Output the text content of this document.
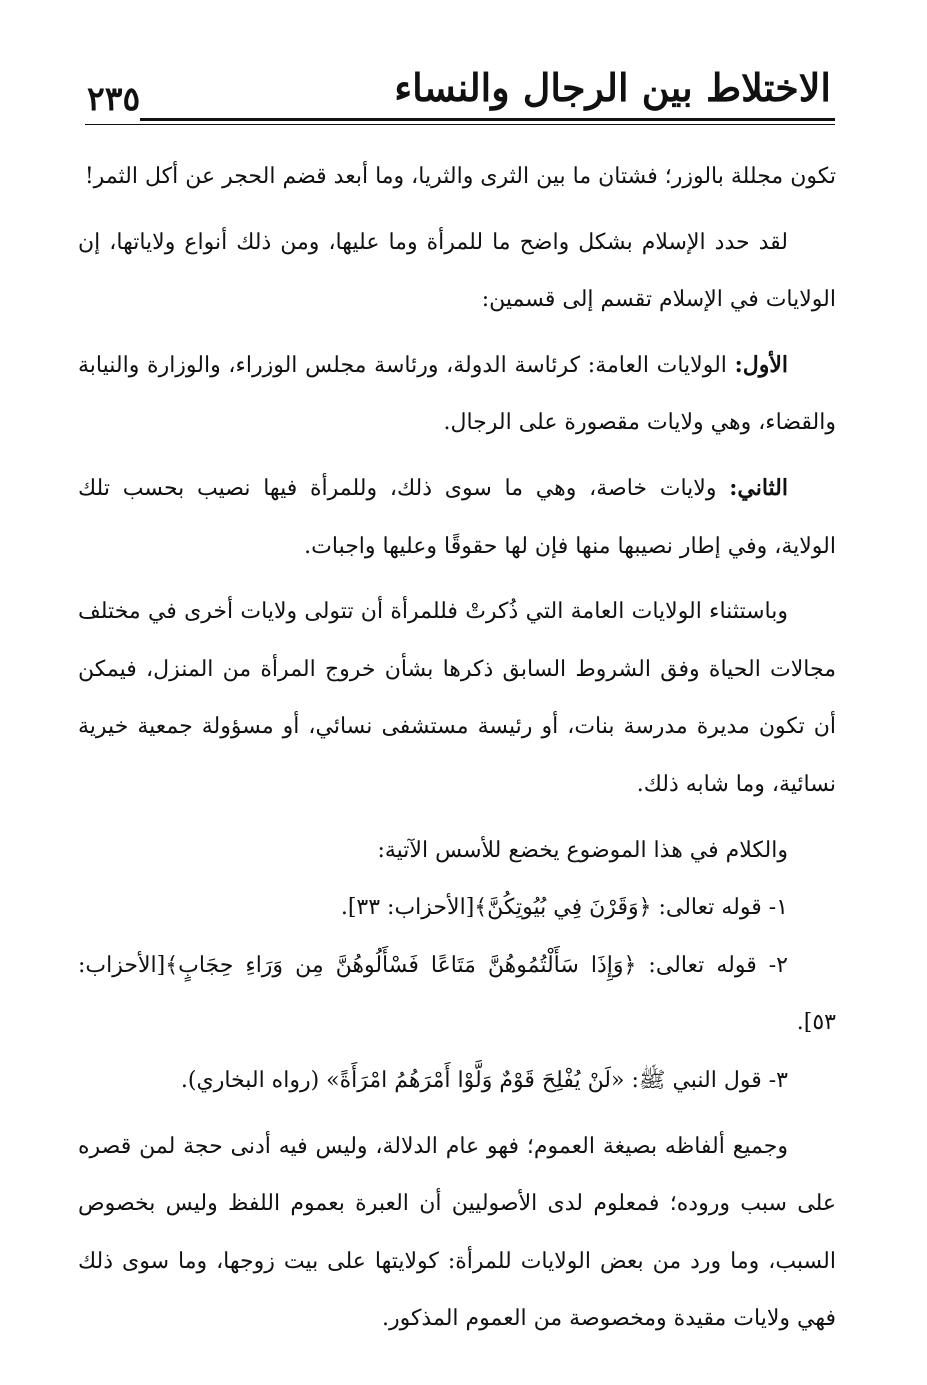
٢٣٥	الاختلاط بين الرجال والنساء

تكون مجللة بالوزر؛ فشتان ما بين الثرى والثريا، وما أبعد قضم الحجر عن أكل الثمر!

لقد حدد الإسلام بشكل واضح ما للمرأة وما عليها، ومن ذلك أنواع ولاياتها، إن الولايات في الإسلام تقسم إلى قسمين:

الأول: الولايات العامة: كرئاسة الدولة، ورئاسة مجلس الوزراء، والوزارة والنيابة والقضاء، وهي ولايات مقصورة على الرجال.

الثاني: ولايات خاصة، وهي ما سوى ذلك، وللمرأة فيها نصيب بحسب تلك الولاية، وفي إطار نصيبها منها فإن لها حقوقًا وعليها واجبات.

وباستثناء الولايات العامة التي ذُكرتْ فللمرأة أن تتولى ولايات أخرى في مختلف مجالات الحياة وفق الشروط السابق ذكرها بشأن خروج المرأة من المنزل، فيمكن أن تكون مديرة مدرسة بنات، أو رئيسة مستشفى نسائي، أو مسؤولة جمعية خيرية نسائية، وما شابه ذلك.

والكلام في هذا الموضوع يخضع للأسس الآتية:

١- قوله تعالى: ﴿وَقَرْنَ فِي بُيُوتِكُنَّ﴾[الأحزاب: ٣٣].

٢- قوله تعالى: ﴿وَإِذَا سَأَلْتُمُوهُنَّ مَتَاعًا فَسْأَلُوهُنَّ مِن وَرَاءِ حِجَابٍ﴾[الأحزاب: ٥٣].

٣- قول النبي ﷺ: «لَنْ يُفْلِحَ قَوْمٌ وَلَّوْا أَمْرَهُمُ امْرَأَةً» (رواه البخاري).

وجميع ألفاظه بصيغة العموم؛ فهو عام الدلالة، وليس فيه أدنى حجة لمن قصره على سبب وروده؛ فمعلوم لدى الأصوليين أن العبرة بعموم اللفظ وليس بخصوص السبب، وما ورد من بعض الولايات للمرأة: كولايتها على بيت زوجها، وما سوى ذلك فهي ولايات مقيدة ومخصوصة من العموم المذكور.
